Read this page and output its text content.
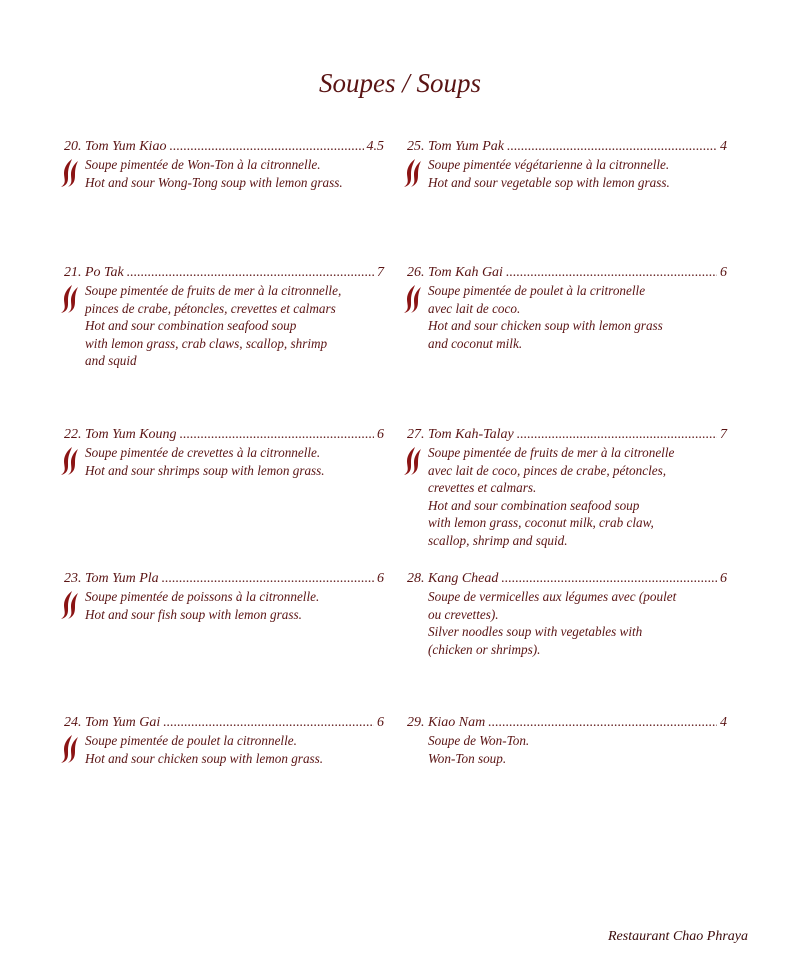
Soupes / Soups
20. Tom Yum Kiao .....	4.5
Soupe pimentée de Won-Ton à la citronnelle.
Hot and sour Wong-Tong soup with lemon grass.
25. Tom Yum Pak .....	4
Soupe pimentée végétarienne à la citronnelle.
Hot and sour vegetable sop with lemon grass.
21. Po Tak .....	7
Soupe pimentée de fruits de mer à la citronnelle,
pinces de crabe, pétoncles, crevettes et calmars
Hot and sour combination seafood soup
with lemon grass, crab claws, scallop, shrimp
and squid
26. Tom Kah Gai .....	6
Soupe pimentée de poulet à la critronelle
avec lait de coco.
Hot and sour chicken soup with lemon grass
and coconut milk.
22. Tom Yum Koung .....	6
Soupe pimentée de crevettes à la citronnelle.
Hot and sour shrimps soup with lemon grass.
27. Tom Kah-Talay .....	7
Soupe pimentée de fruits de mer à la citronelle
avec lait de coco, pinces de crabe, pétoncles,
crevettes et calmars.
Hot and sour combination seafood soup
with lemon grass, coconut milk, crab claw,
scallop, shrimp and squid.
23. Tom Yum Pla .....	6
Soupe pimentée de poissons à la citronnelle.
Hot and sour fish soup with lemon grass.
28. Kang Chead .....	6
Soupe de vermicelles aux légumes avec (poulet
ou crevettes).
Silver noodles soup with vegetables with
(chicken or shrimps).
24. Tom Yum Gai .....	6
Soupe pimentée de poulet la citronnelle.
Hot and sour chicken soup with lemon grass.
29. Kiao Nam .....	4
Soupe de Won-Ton.
Won-Ton soup.
Restaurant Chao Phraya
